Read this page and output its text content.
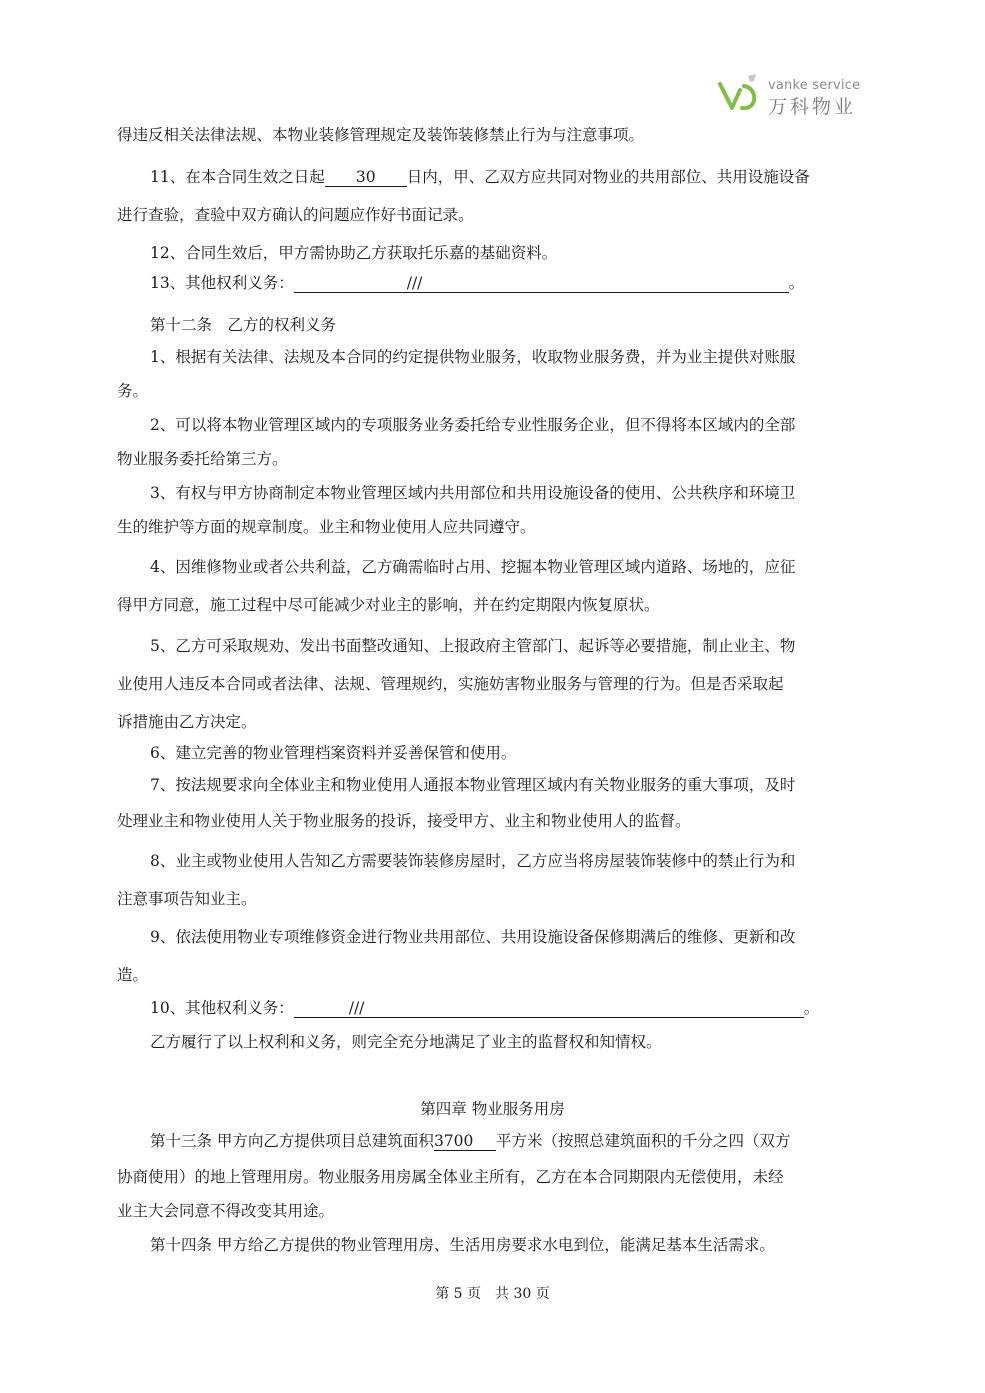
vanke service
万科物业
得违反相关法律法规、本物业装修管理规定及装饰装修禁止行为与注意事项。
11、在本合同生效之日起 30 日内，甲、乙双方应共同对物业的共用部位、共用设施设备
进行查验，查验中双方确认的问题应作好书面记录。
12、合同生效后，甲方需协助乙方获取托乐嘉的基础资料。
13、其他权利义务：	///	。
第十二条　乙方的权利义务
1、根据有关法律、法规及本合同的约定提供物业服务，收取物业服务费，并为业主提供对账服
务。
2、可以将本物业管理区域内的专项服务业务委托给专业性服务企业，但不得将本区域内的全部
物业服务委托给第三方。
3、有权与甲方协商制定本物业管理区域内共用部位和共用设施设备的使用、公共秩序和环境卫
生的维护等方面的规章制度。业主和物业使用人应共同遵守。
4、因维修物业或者公共利益，乙方确需临时占用、挖掘本物业管理区域内道路、场地的，应征
得甲方同意，施工过程中尽可能减少对业主的影响，并在约定期限内恢复原状。
5、乙方可采取规劝、发出书面整改通知、上报政府主管部门、起诉等必要措施，制止业主、物
业使用人违反本合同或者法律、法规、管理规约，实施妨害物业服务与管理的行为。但是否采取起
诉措施由乙方决定。
6、建立完善的物业管理档案资料并妥善保管和使用。
7、按法规要求向全体业主和物业使用人通报本物业管理区域内有关物业服务的重大事项，及时
处理业主和物业使用人关于物业服务的投诉，接受甲方、业主和物业使用人的监督。
8、业主或物业使用人告知乙方需要装饰装修房屋时，乙方应当将房屋装饰装修中的禁止行为和
注意事项告知业主。
9、依法使用物业专项维修资金进行物业共用部位、共用设施设备保修期满后的维修、更新和改
造。
10、其他权利义务：	///	。
乙方履行了以上权利和义务，则完全充分地满足了业主的监督权和知情权。
第四章 物业服务用房
第十三条 甲方向乙方提供项目总建筑面积3700 平方米（按照总建筑面积的千分之四（双方
协商使用）的地上管理用房。物业服务用房属全体业主所有，乙方在本合同期限内无偿使用，未经
业主大会同意不得改变其用途。
第十四条 甲方给乙方提供的物业管理用房、生活用房要求水电到位，能满足基本生活需求。
第 5 页　共 30 页
